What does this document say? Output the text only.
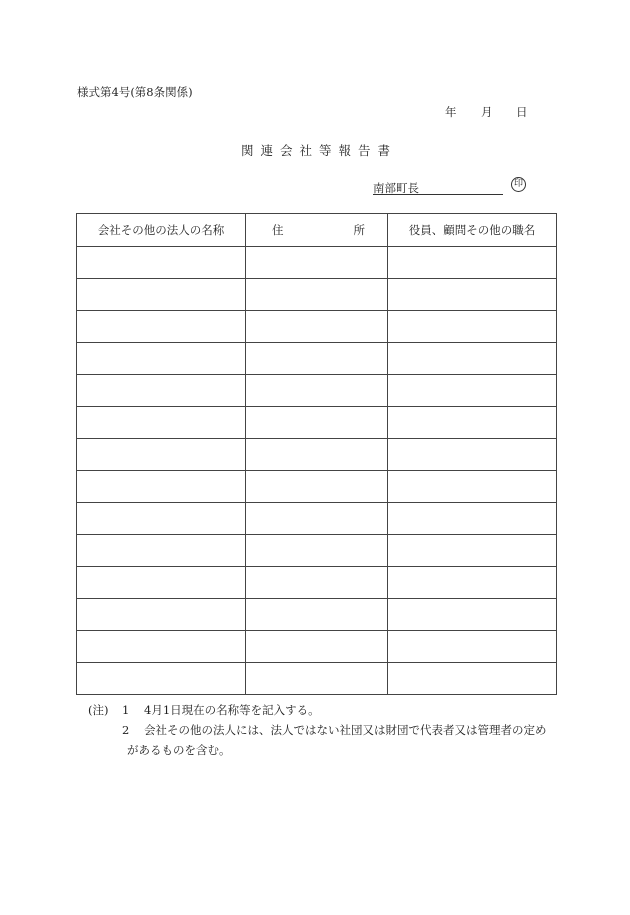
様式第4号(第8条関係)
年 月 日
関連会社等報告書
南部町長	印
会社その他の法人の名称	住 所	役員、顧問その他の職名

(注)	1	4月1日現在の名称等を記入する。
2	会社その他の法人には、法人ではない社団又は財団で代表者又は管理者の定め
があるものを含む。
